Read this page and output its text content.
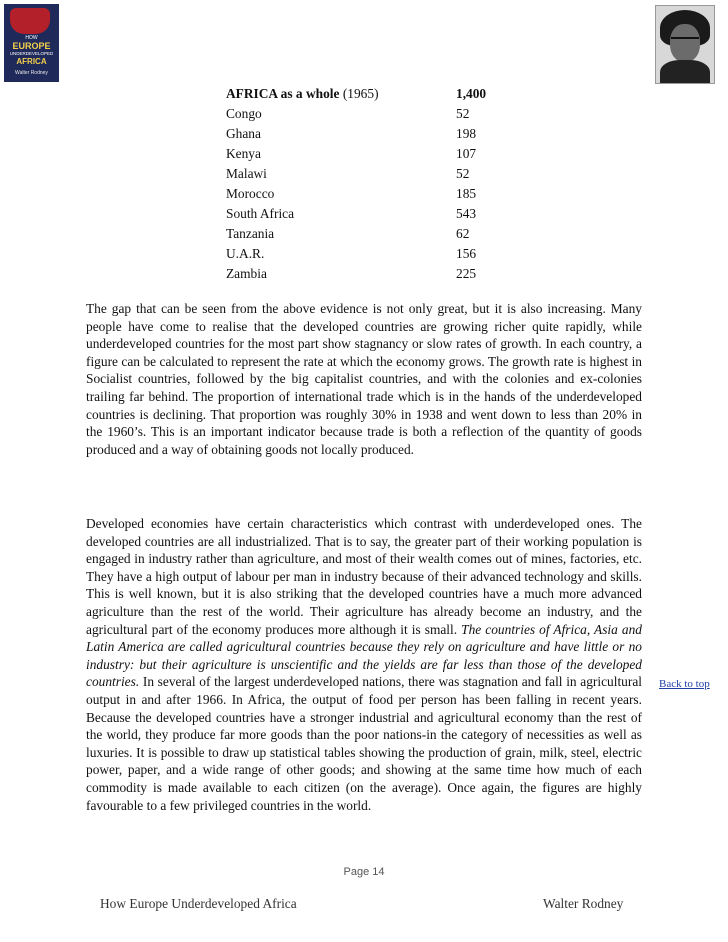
HOW
EUROPE
UNDERDEVELOPED
AFRICA
Walter Rodney
AFRICA as a whole (1965)	1,400
Congo	52
Ghana	198
Kenya	107
Malawi	52
Morocco	185
South Africa	543
Tanzania	62
U.A.R.	156
Zambia	225

The gap that can be seen from the above evidence is not only great, but it is also increasing. Many people have come to realise that the developed countries are growing richer quite rapidly, while underdeveloped countries for the most part show stagnancy or slow rates of growth. In each country, a figure can be calculated to represent the rate at which the economy grows. The growth rate is highest in Socialist countries, followed by the big capitalist countries, and with the colonies and ex-colonies trailing far behind. The proportion of international trade which is in the hands of the underdeveloped countries is declining. That proportion was roughly 30% in 1938 and went down to less than 20% in the 1960’s. This is an important indicator because trade is both a reflection of the quantity of goods produced and a way of obtaining goods not locally produced.

Developed economies have certain characteristics which contrast with underdeveloped ones. The developed countries are all industrialized. That is to say, the greater part of their working population is engaged in industry rather than agriculture, and most of their wealth comes out of mines, factories, etc. They have a high output of labour per man in industry because of their advanced technology and skills. This is well known, but it is also striking that the developed countries have a much more advanced agriculture than the rest of the world. Their agriculture has already become an industry, and the agricultural part of the economy produces more although it is small. The countries of Africa, Asia and Latin America are called agricultural countries because they rely on agriculture and have little or no industry: but their agriculture is unscientific and the yields are far less than those of the developed countries. In several of the largest underdeveloped nations, there was stagnation and fall in agricultural output in and after 1966. In Africa, the output of food per person has been falling in recent years. Because the developed countries have a stronger industrial and agricultural economy than the rest of the world, they produce far more goods than the poor nations-in the category of necessities as well as luxuries. It is possible to draw up statistical tables showing the production of grain, milk, steel, electric power, paper, and a wide range of other goods; and showing at the same time how much of each commodity is made available to each citizen (on the average). Once again, the figures are highly favourable to a few privileged countries in the world.

Back to top
Page 14
How Europe Underdeveloped Africa	Walter Rodney
